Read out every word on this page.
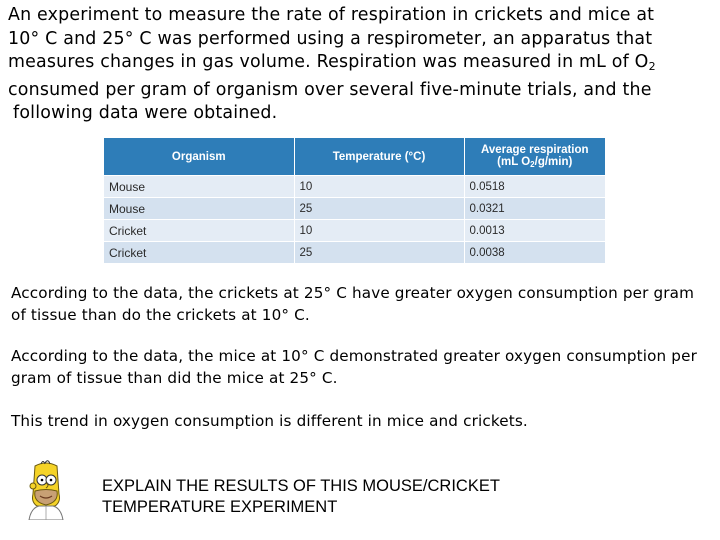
An experiment to measure the rate of respiration in crickets and mice at
10° C and 25° C was performed using a respirometer, an apparatus that
measures changes in gas volume. Respiration was measured in mL of $O_2$
consumed per gram of organism over several five-minute trials, and the
following data were obtained.
Organism	Temperature (°C)	Average respiration
(mL $O_2/g/\min$)

Mouse	10	0.0518
Mouse	25	0.0321
Cricket	10	0.0013
Cricket	25	0.0038
According to the data, the crickets at 25° C have greater oxygen consumption per gram of tissue than do the crickets at 10° C.
According to the data, the mice at 10° C demonstrated greater oxygen consumption per gram of tissue than did the mice at 25° C.
This trend in oxygen consumption is different in mice and crickets.
EXPLAIN THE RESULTS OF THIS MOUSE/CRICKET
TEMPERATURE EXPERIMENT
